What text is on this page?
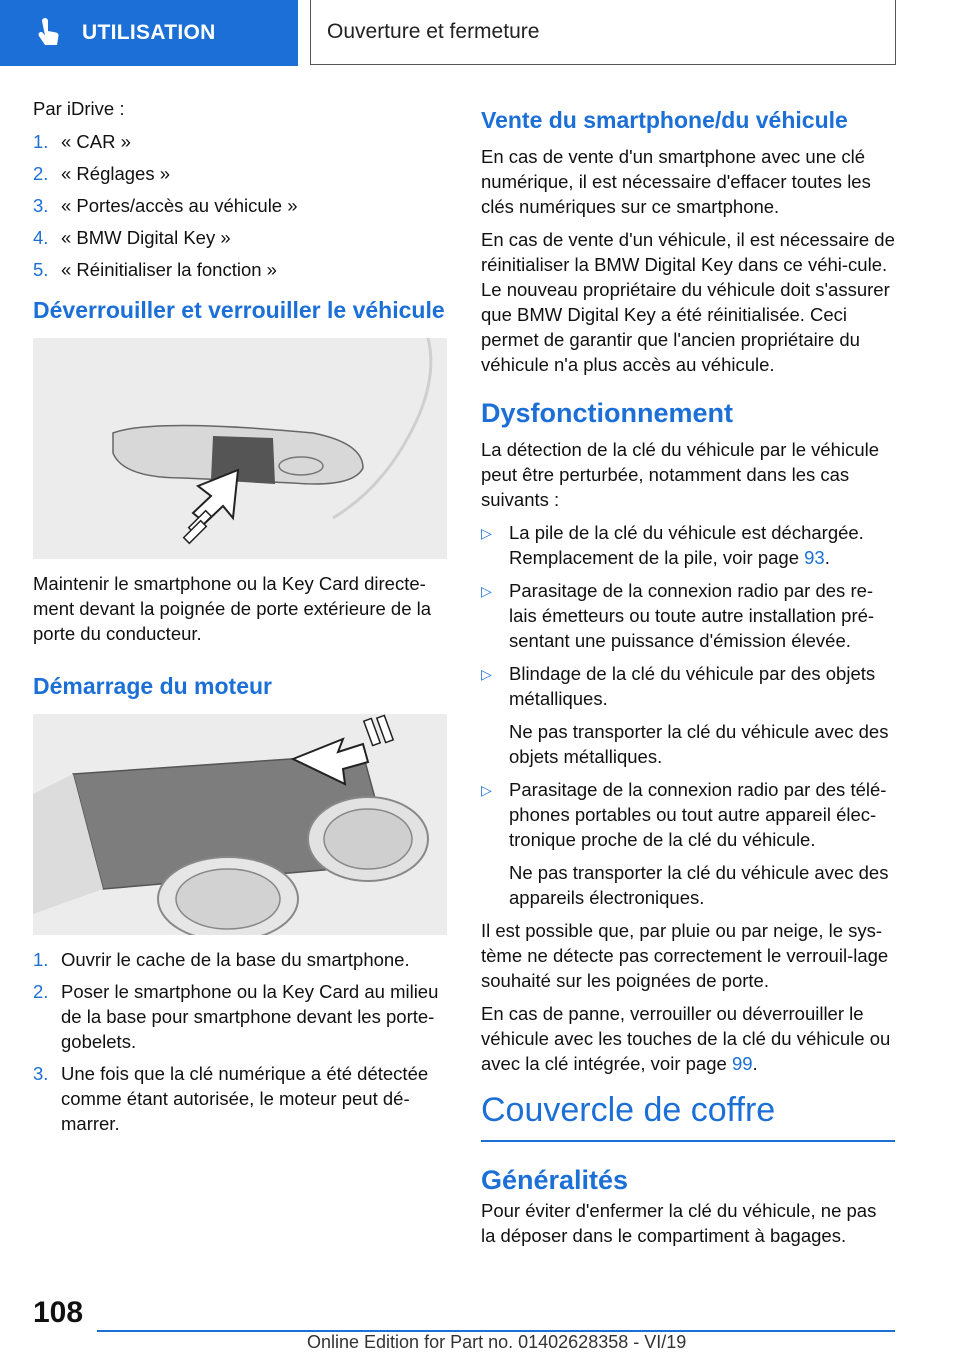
UTILISATION	Ouverture et fermeture

Par iDrive :

1. « CAR »
2. « Réglages »
3. « Portes/accès au véhicule »
4. « BMW Digital Key »
5. « Réinitialiser la fonction »
Déverrouiller et verrouiller le véhicule

Maintenir le smartphone ou la Key Card directe-ment devant la poignée de porte extérieure de la porte du conducteur.

Démarrage du moteur
1. Ouvrir le cache de la base du smartphone.
2. Poser le smartphone ou la Key Card au milieu de la base pour smartphone devant les porte-gobelets.
3. Une fois que la clé numérique a été détectée comme étant autorisée, le moteur peut dé-marrer.
Vente du smartphone/du véhicule

En cas de vente d'un smartphone avec une clé numérique, il est nécessaire d'effacer toutes les clés numériques sur ce smartphone.

En cas de vente d'un véhicule, il est nécessaire de réinitialiser la BMW Digital Key dans ce véhi-cule. Le nouveau propriétaire du véhicule doit s'assurer que BMW Digital Key a été réinitialisée. Ceci permet de garantir que l'ancien propriétaire du véhicule n'a plus accès au véhicule.

Dysfonctionnement

La détection de la clé du véhicule par le véhicule peut être perturbée, notamment dans les cas suivants :

▷ La pile de la clé du véhicule est déchargée. Remplacement de la pile, voir page 93.
▷ Parasitage de la connexion radio par des re-lais émetteurs ou toute autre installation pré-sentant une puissance d'émission élevée.
▷ Blindage de la clé du véhicule par des objets métalliques.
Ne pas transporter la clé du véhicule avec des objets métalliques.
▷ Parasitage de la connexion radio par des télé-phones portables ou tout autre appareil élec-tronique proche de la clé du véhicule.
Ne pas transporter la clé du véhicule avec des appareils électroniques.

Il est possible que, par pluie ou par neige, le sys-tème ne détecte pas correctement le verrouil-lage souhaité sur les poignées de porte.

En cas de panne, verrouiller ou déverrouiller le véhicule avec les touches de la clé du véhicule ou avec la clé intégrée, voir page 99.

Couvercle de coffre
Généralités

Pour éviter d'enfermer la clé du véhicule, ne pas la déposer dans le compartiment à bagages.

108
Online Edition for Part no. 01402628358 - VI/19
